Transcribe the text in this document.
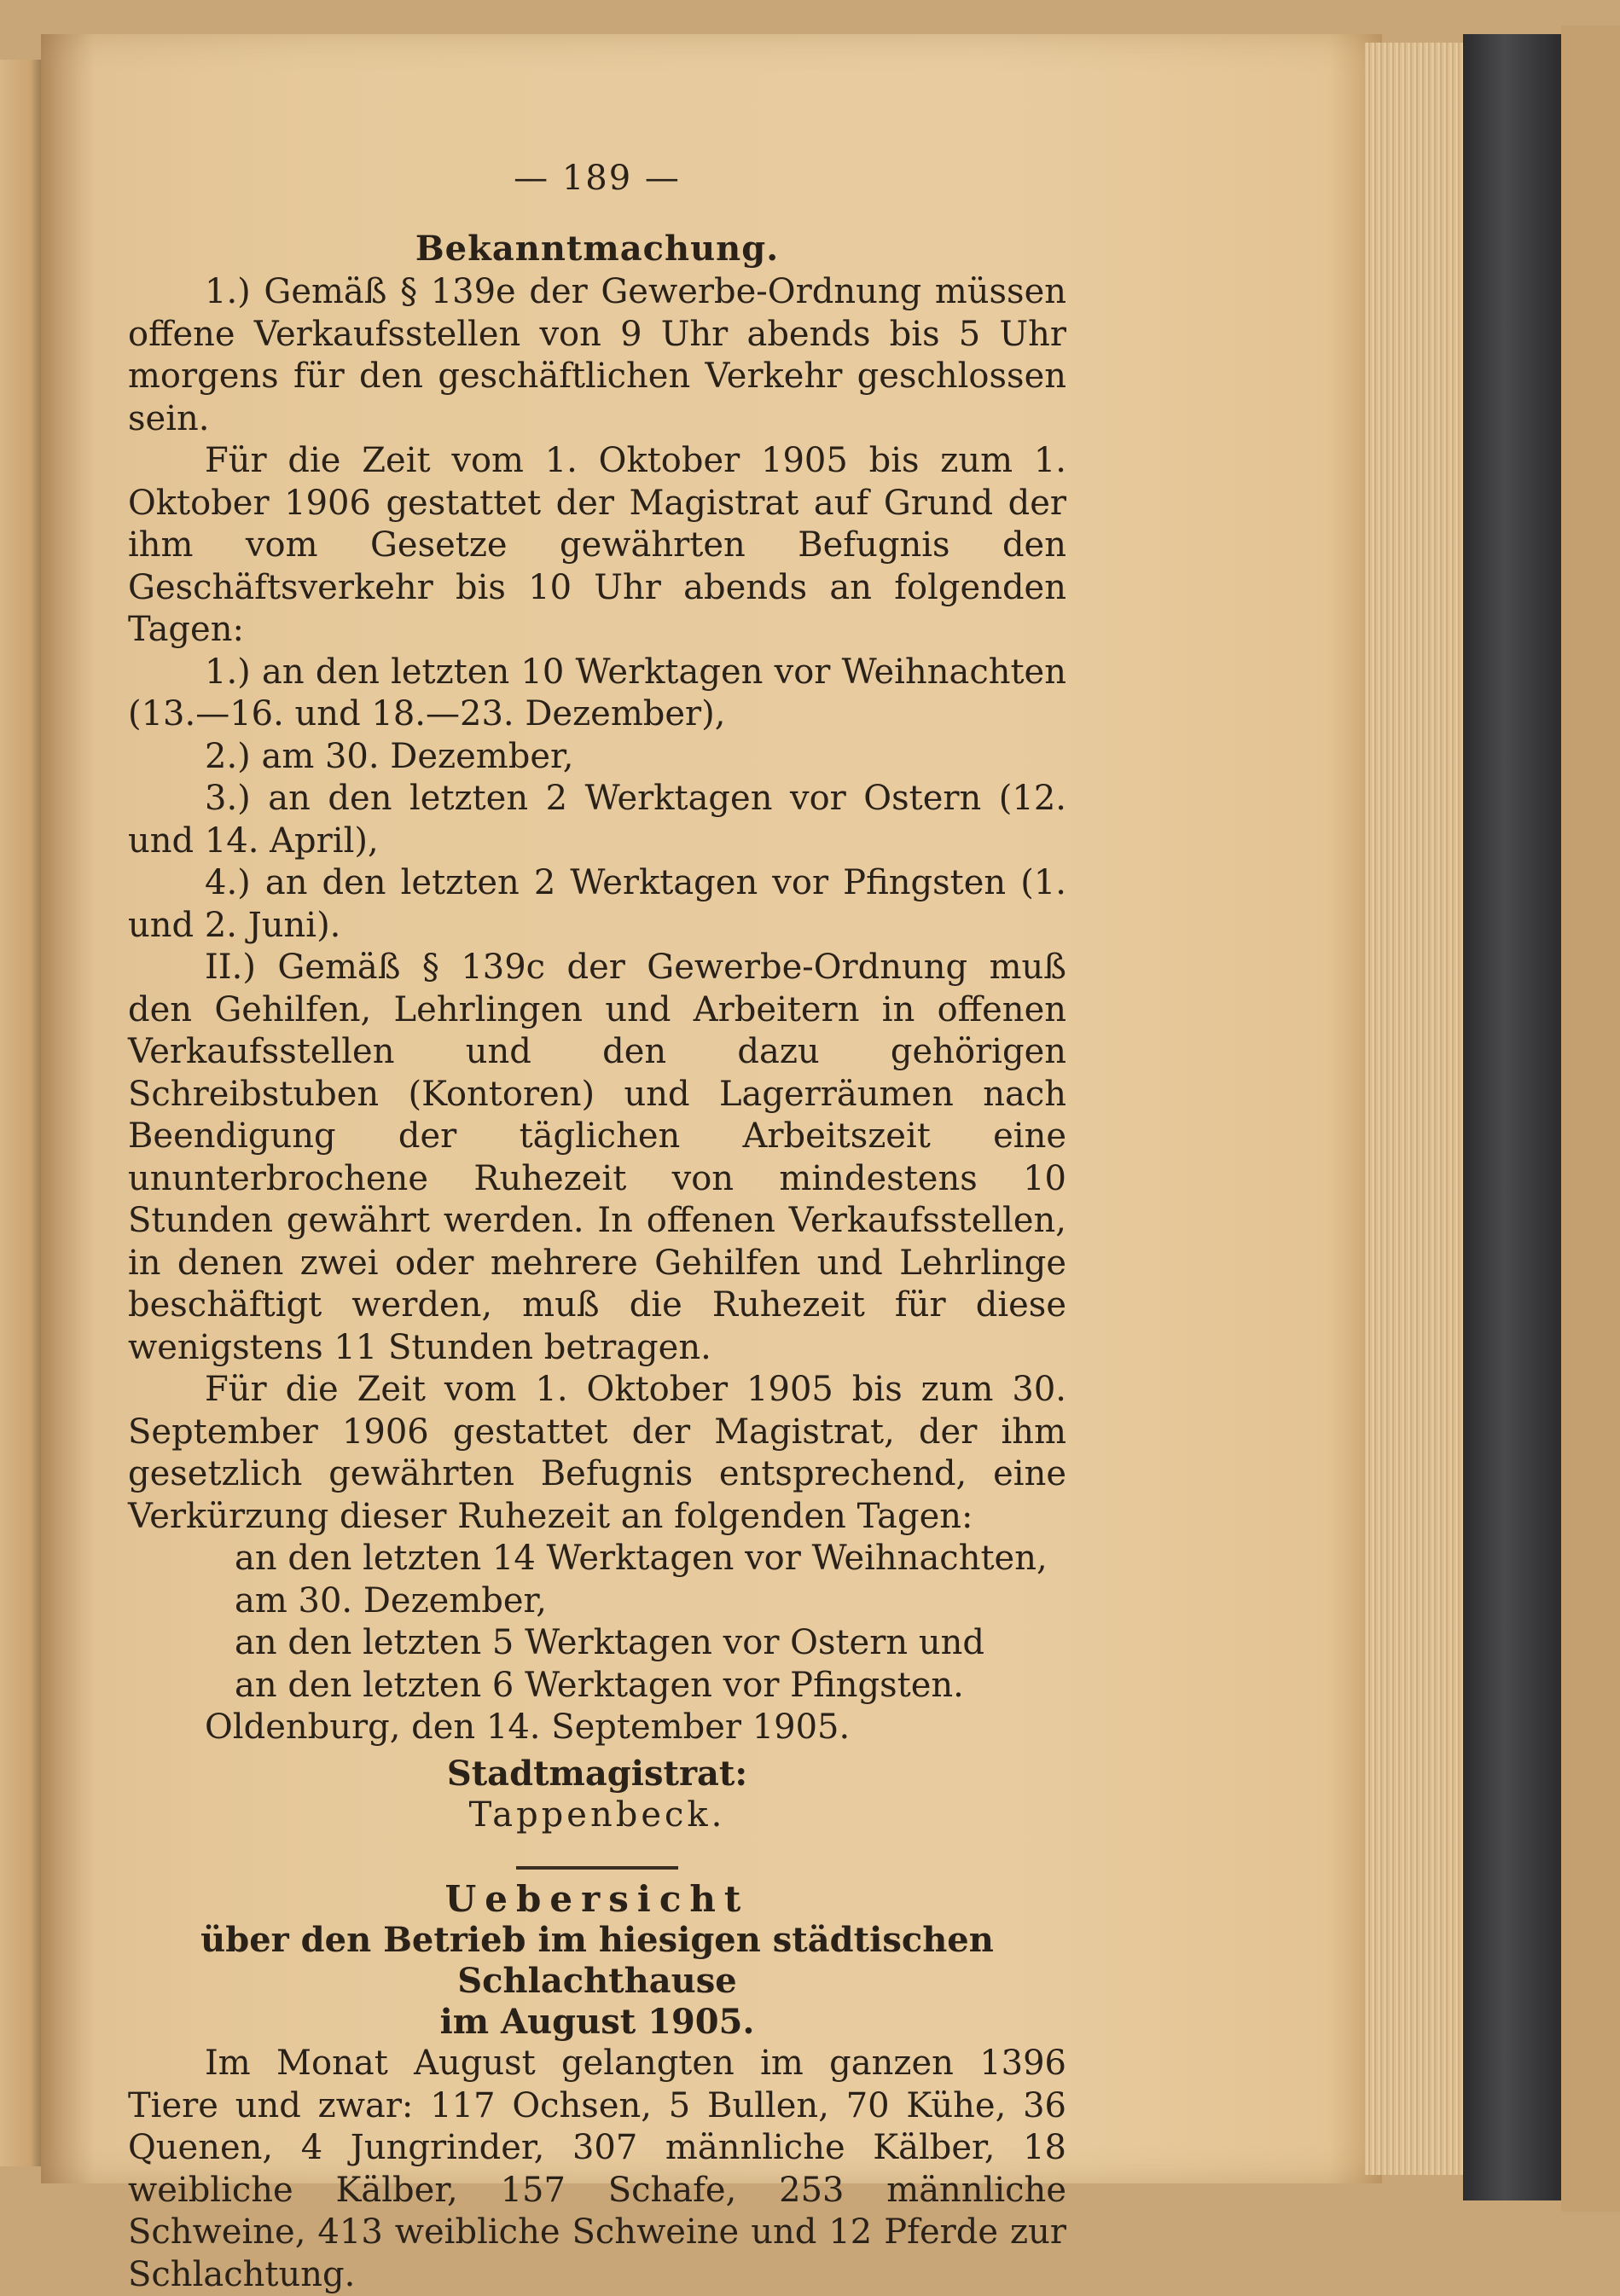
— 189 —
Bekanntmachung.

1.) Gemäß § 139e der Gewerbe-Ordnung müssen offene Verkaufsstellen von 9 Uhr abends bis 5 Uhr morgens für den geschäftlichen Verkehr geschlossen sein.

Für die Zeit vom 1. Oktober 1905 bis zum 1. Oktober 1906 gestattet der Magistrat auf Grund der ihm vom Gesetze gewährten Befugnis den Geschäftsverkehr bis 10 Uhr abends an folgenden Tagen:

1.) an den letzten 10 Werktagen vor Weihnachten (13.—16. und 18.—23. Dezember),

2.) am 30. Dezember,

3.) an den letzten 2 Werktagen vor Ostern (12. und 14. April),

4.) an den letzten 2 Werktagen vor Pfingsten (1. und 2. Juni).

II.) Gemäß § 139c der Gewerbe-Ordnung muß den Gehilfen, Lehrlingen und Arbeitern in offenen Verkaufsstellen und den dazu gehörigen Schreibstuben (Kontoren) und Lagerräumen nach Beendigung der täglichen Arbeitszeit eine ununterbrochene Ruhezeit von mindestens 10 Stunden gewährt werden. In offenen Verkaufsstellen, in denen zwei oder mehrere Gehilfen und Lehrlinge beschäftigt werden, muß die Ruhezeit für diese wenigstens 11 Stunden betragen.

Für die Zeit vom 1. Oktober 1905 bis zum 30. September 1906 gestattet der Magistrat, der ihm gesetzlich gewährten Befugnis entsprechend, eine Verkürzung dieser Ruhezeit an folgenden Tagen:

an den letzten 14 Werktagen vor Weihnachten,
am 30. Dezember,
an den letzten 5 Werktagen vor Ostern und
an den letzten 6 Werktagen vor Pfingsten.

Oldenburg, den 14. September 1905.

Stadtmagistrat:

Tappenbeck.

Uebersicht

über den Betrieb im hiesigen städtischen Schlachthause

im August 1905.

Im Monat August gelangten im ganzen 1396 Tiere und zwar: 117 Ochsen, 5 Bullen, 70 Kühe, 36 Quenen, 4 Jungrinder, 307 männliche Kälber, 18 weibliche Kälber, 157 Schafe, 253 männliche Schweine, 413 weibliche Schweine und 12 Pferde zur Schlachtung.
